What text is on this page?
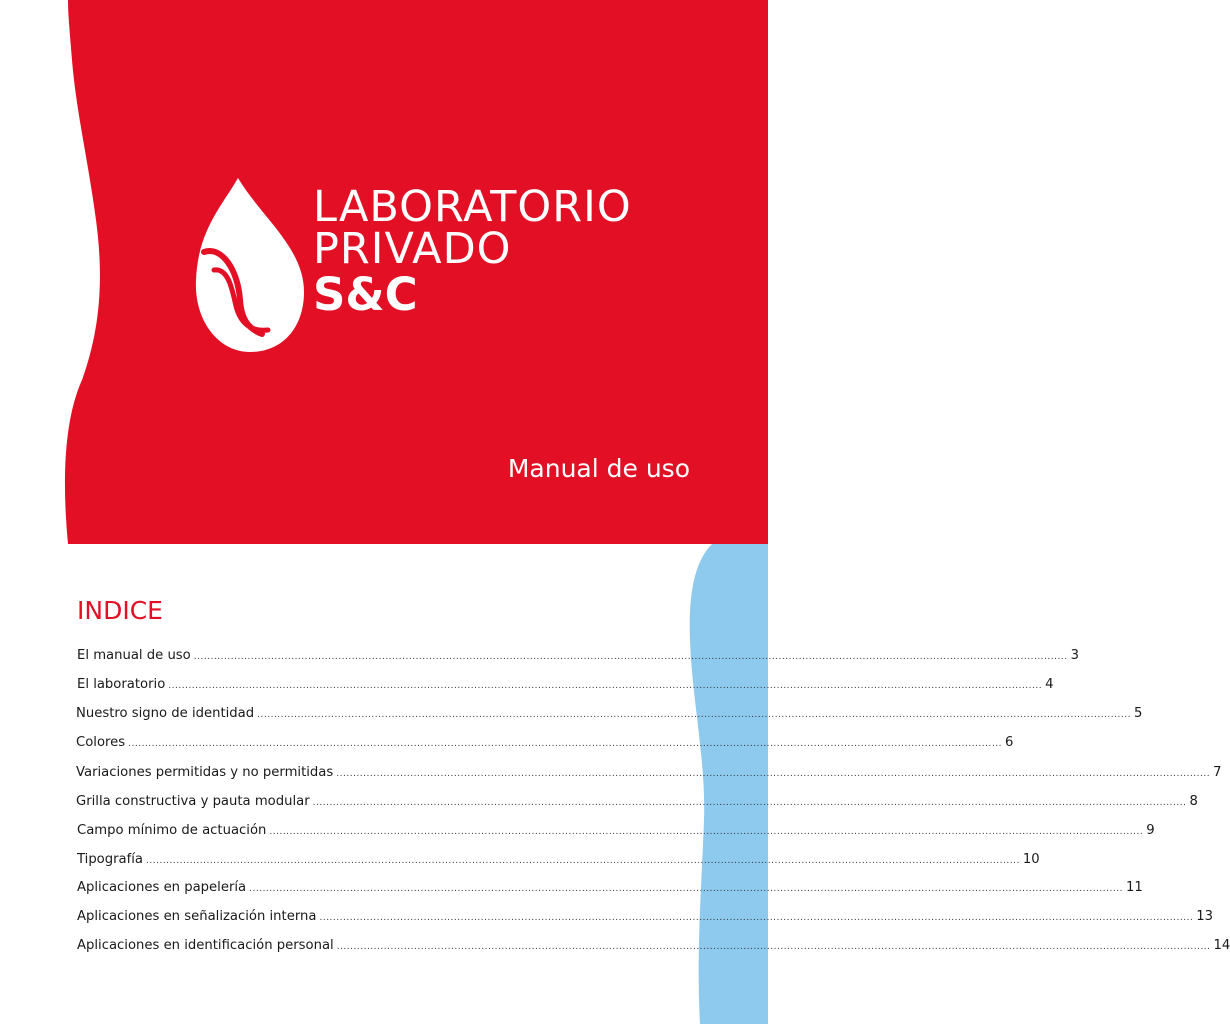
LABORATORIO
PRIVADO
S&C
Manual de uso
INDICE
El manual de uso .................................................................................................................................................................................................................................................................... 3
El laboratorio .................................................................................................................................................................................................................................................................... 4
Nuestro signo de identidad .................................................................................................................................................................................................................................................................... 5
Colores .................................................................................................................................................................................................................................................................... 6
Variaciones permitidas y no permitidas .................................................................................................................................................................................................................................................................... 7
Grilla constructiva y pauta modular .................................................................................................................................................................................................................................................................... 8
Campo mínimo de actuación .................................................................................................................................................................................................................................................................... 9
Tipografía .................................................................................................................................................................................................................................................................... 10
Aplicaciones en papelería .................................................................................................................................................................................................................................................................... 11
Aplicaciones en señalización interna .................................................................................................................................................................................................................................................................... 13
Aplicaciones en identificación personal .................................................................................................................................................................................................................................................................... 14
